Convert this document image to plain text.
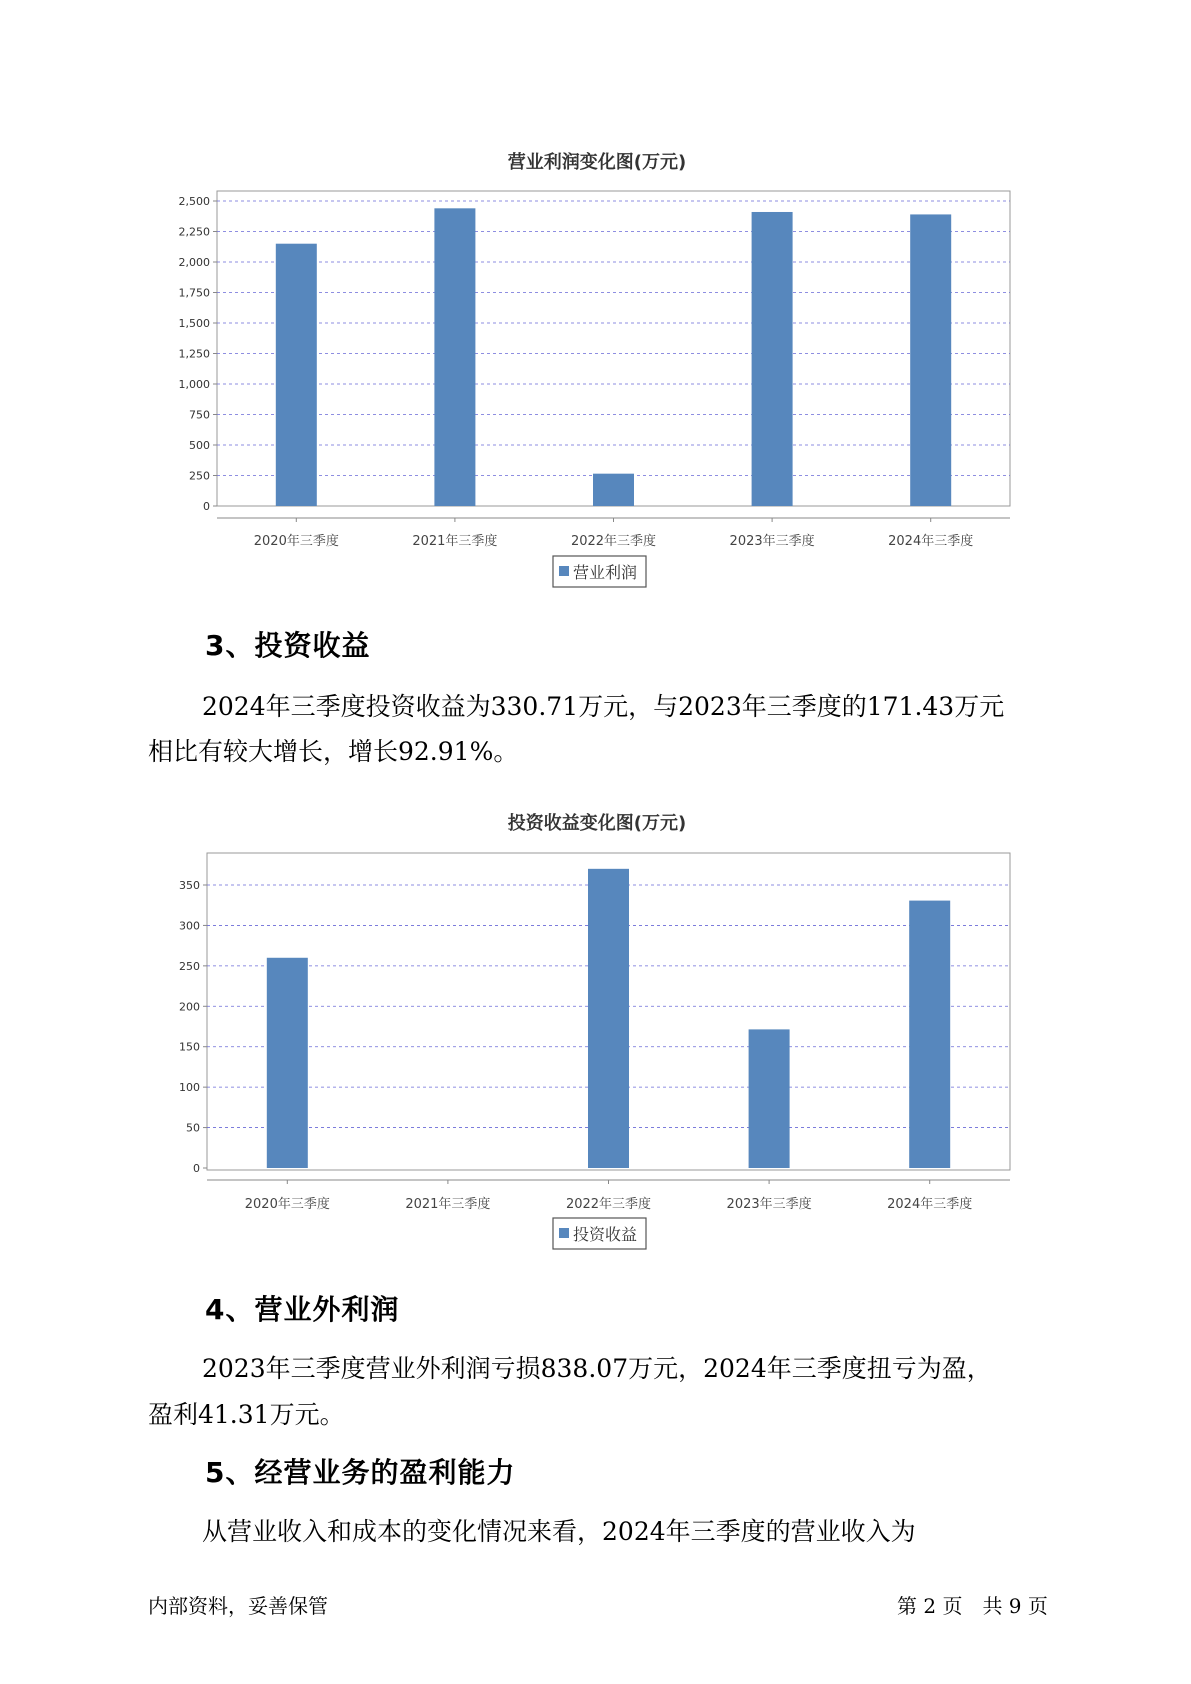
营业利润变化图(万元)
0
250
500
750
1,000
1,250
1,500
1,750
2,000
2,250
2,500
2020年三季度	2021年三季度	2022年三季度	2023年三季度	2024年三季度
营业利润
投资收益变化图(万元)
0
50
100
150
200
250
300
350
2020年三季度	2021年三季度	2022年三季度	2023年三季度	2024年三季度
投资收益
3、投资收益

2024年三季度投资收益为330.71万元，与2023年三季度的171.43万元

相比有较大增长，增长92.91%。

4、营业外利润

2023年三季度营业外利润亏损838.07万元，2024年三季度扭亏为盈，

盈利41.31万元。

5、经营业务的盈利能力

从营业收入和成本的变化情况来看，2024年三季度的营业收入为

内部资料，妥善保管	第 2 页　共 9 页
